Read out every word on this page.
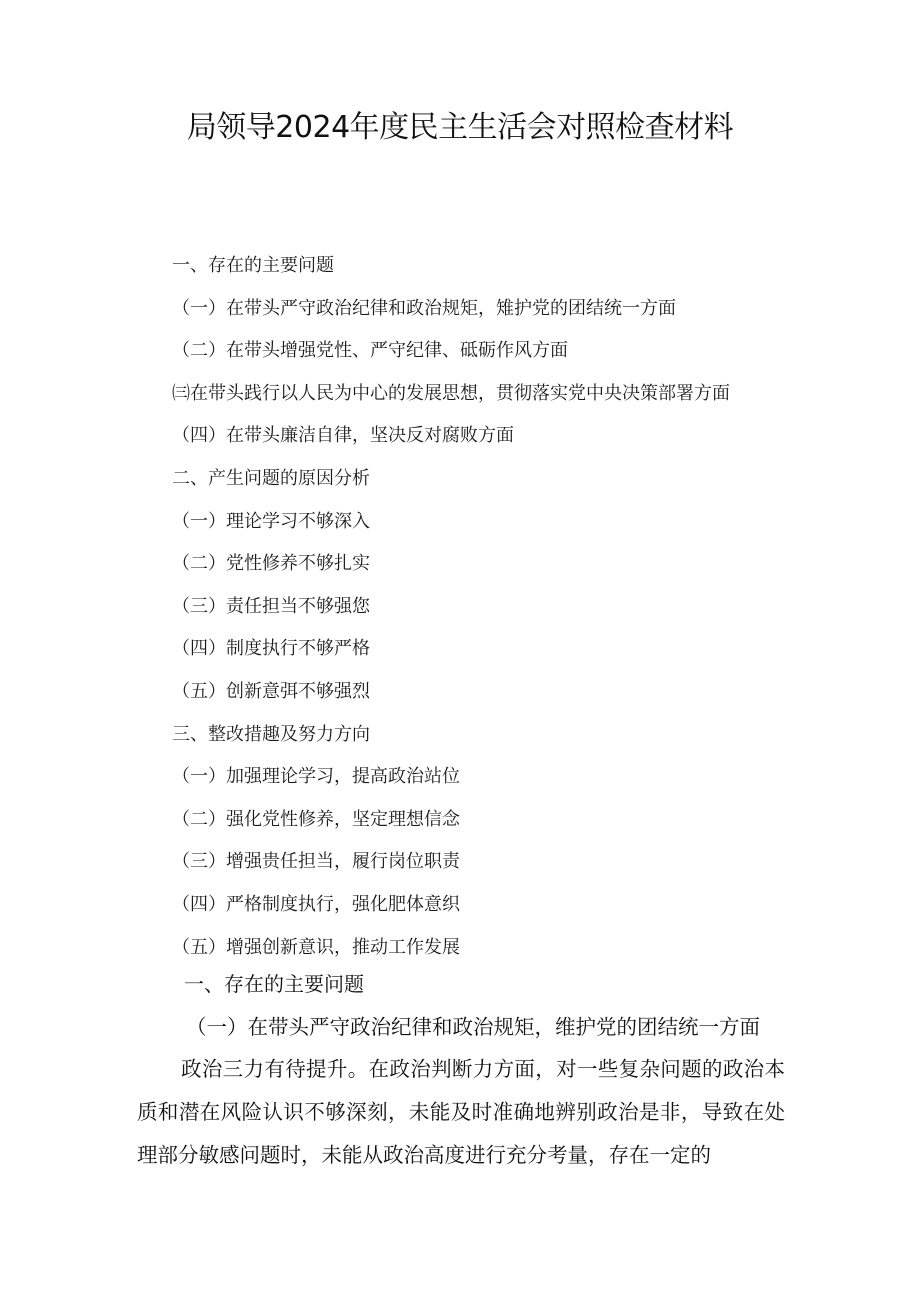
局领导2024年度民主生活会对照检查材料
一、存在的主要问题
（一）在带头严守政治纪律和政治规矩，雉护党的团结统一方面
（二）在带头增强党性、严守纪律、砥砺作风方面
㈢在带头践行以人民为中心的发展思想，贯彻落实党中央决策部署方面
（四）在带头廉洁自律，坚决反对腐败方面
二、产生问题的原因分析
（一）理论学习不够深入
（二）党性修养不够扎实
（三）责任担当不够强您
（四）制度执行不够严格
（五）创新意弭不够强烈
三、整改措趣及努力方向
（一）加强理论学习，提高政治站位
（二）强化党性修养，坚定理想信念
（三）增强贵任担当，履行岗位职责
（四）严格制度执行，强化肥体意织
（五）增强创新意识，推动工作发展
一、存在的主要问题
（一）在带头严守政治纪律和政治规矩，维护党的团结统一方面
政治三力有待提升。在政治判断力方面，对一些复杂问题的政治本质和潜在风险认识不够深刻，未能及时准确地辨别政治是非，导致在处理部分敏感问题时，未能从政治高度进行充分考量，存在一定的
